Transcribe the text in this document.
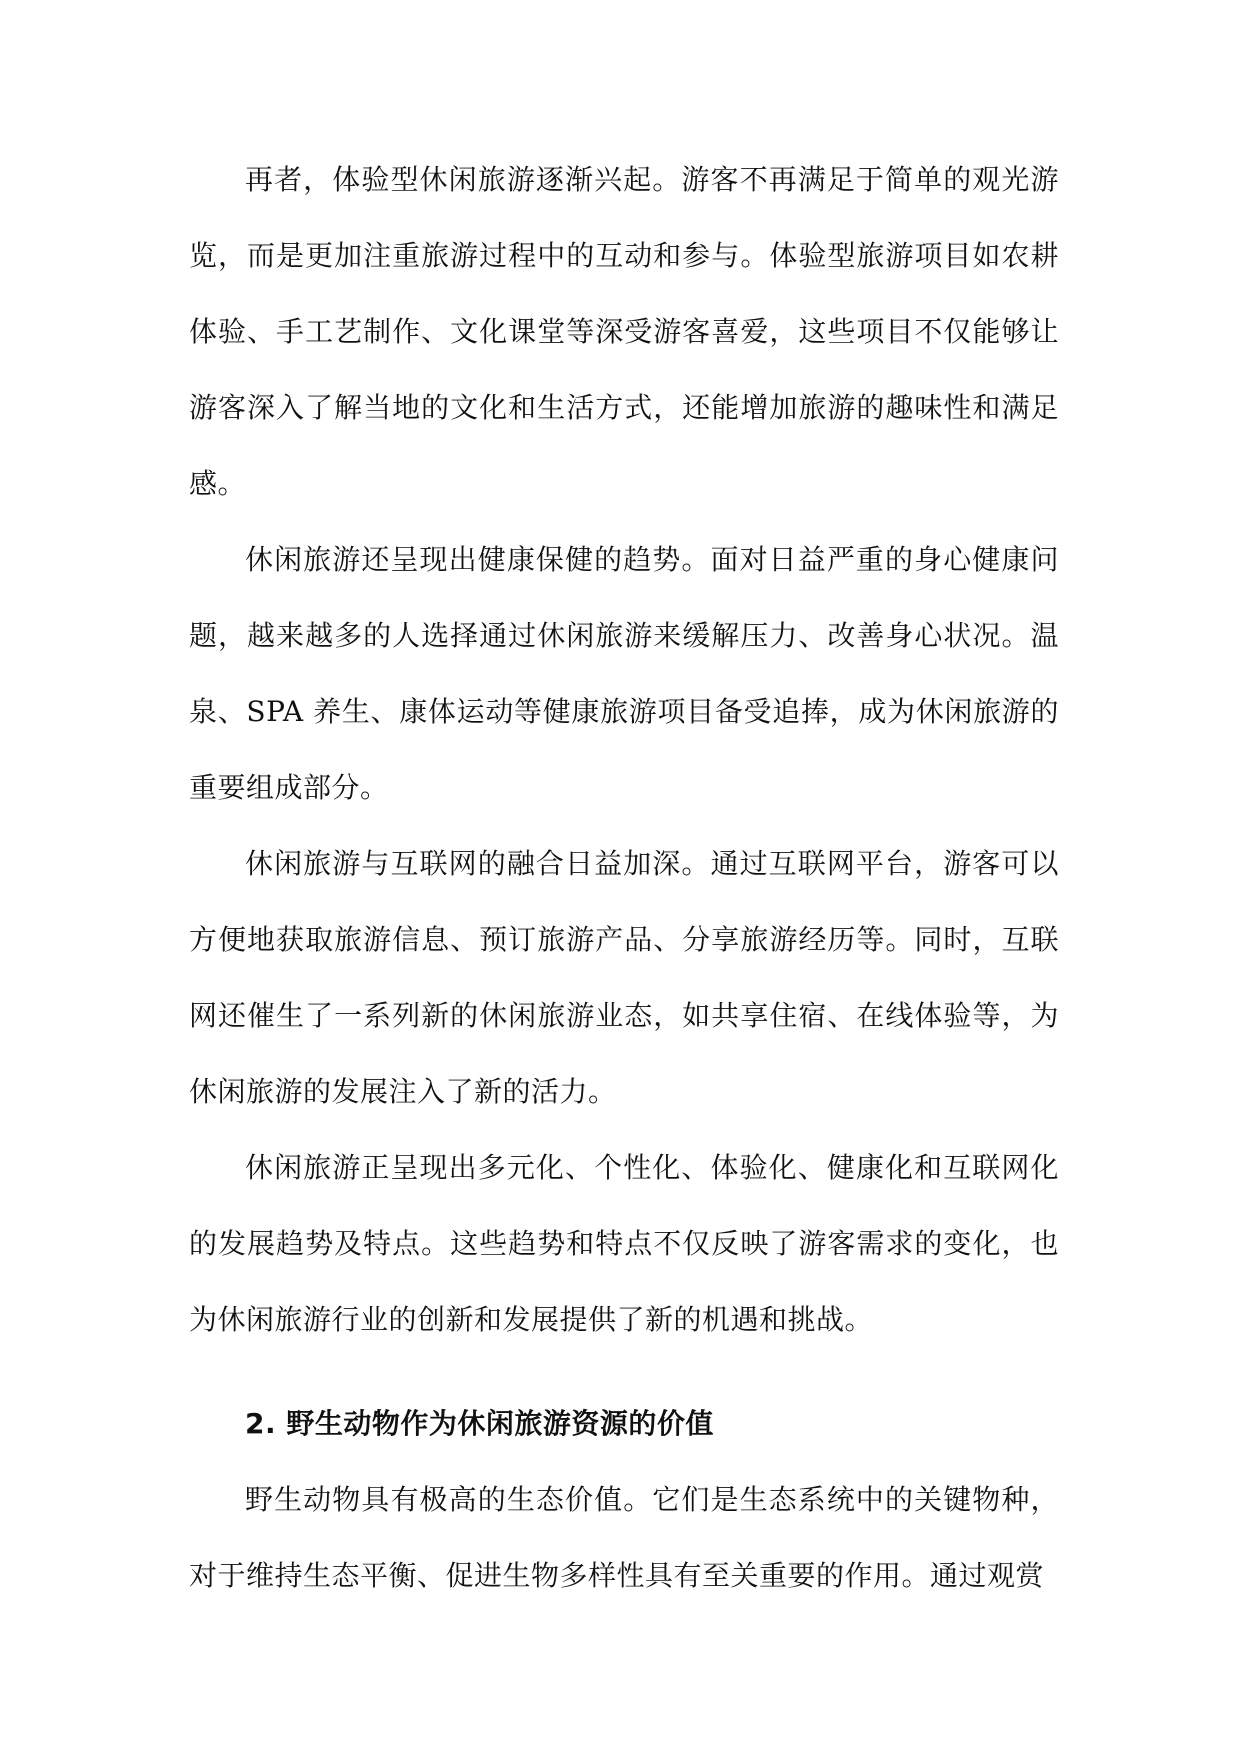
再者，体验型休闲旅游逐渐兴起。游客不再满足于简单的观光游览，而是更加注重旅游过程中的互动和参与。体验型旅游项目如农耕体验、手工艺制作、文化课堂等深受游客喜爱，这些项目不仅能够让游客深入了解当地的文化和生活方式，还能增加旅游的趣味性和满足感。

休闲旅游还呈现出健康保健的趋势。面对日益严重的身心健康问题，越来越多的人选择通过休闲旅游来缓解压力、改善身心状况。温泉、SPA 养生、康体运动等健康旅游项目备受追捧，成为休闲旅游的重要组成部分。

休闲旅游与互联网的融合日益加深。通过互联网平台，游客可以方便地获取旅游信息、预订旅游产品、分享旅游经历等。同时，互联网还催生了一系列新的休闲旅游业态，如共享住宿、在线体验等，为休闲旅游的发展注入了新的活力。

休闲旅游正呈现出多元化、个性化、体验化、健康化和互联网化的发展趋势及特点。这些趋势和特点不仅反映了游客需求的变化，也为休闲旅游行业的创新和发展提供了新的机遇和挑战。

2. 野生动物作为休闲旅游资源的价值

野生动物具有极高的生态价值。它们是生态系统中的关键物种，对于维持生态平衡、促进生物多样性具有至关重要的作用。通过观赏
